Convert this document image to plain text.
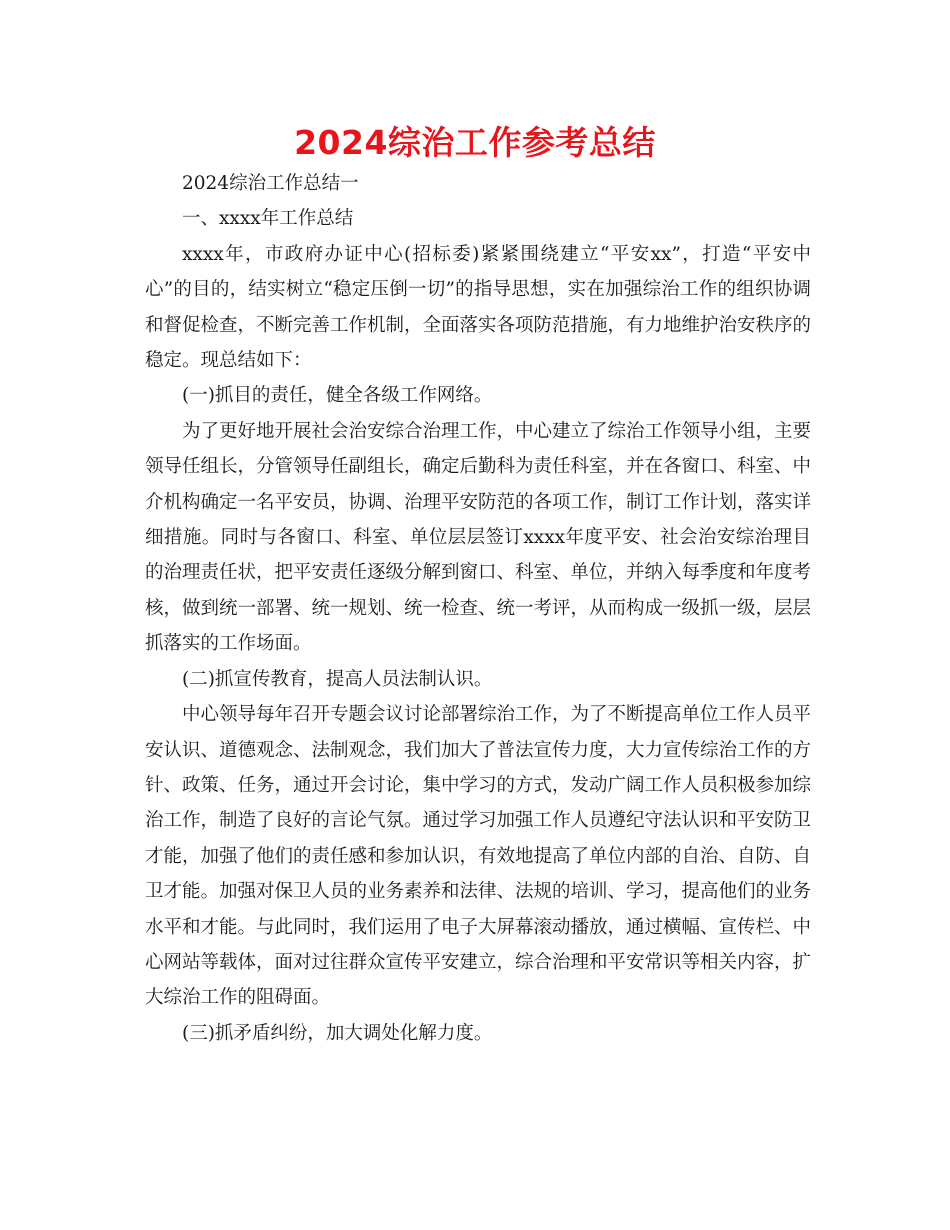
2024综治工作参考总结

2024综治工作总结一

一、xxxx年工作总结

xxxx年，市政府办证中心(招标委)紧紧围绕建立“平安xx”，打造“平安中心”的目的，结实树立“稳定压倒一切”的指导思想，实在加强综治工作的组织协调和督促检查，不断完善工作机制，全面落实各项防范措施，有力地维护治安秩序的稳定。现总结如下：

(一)抓目的责任，健全各级工作网络。

为了更好地开展社会治安综合治理工作，中心建立了综治工作领导小组，主要领导任组长，分管领导任副组长，确定后勤科为责任科室，并在各窗口、科室、中介机构确定一名平安员，协调、治理平安防范的各项工作，制订工作计划，落实详细措施。同时与各窗口、科室、单位层层签订xxxx年度平安、社会治安综治理目的治理责任状，把平安责任逐级分解到窗口、科室、单位，并纳入每季度和年度考核，做到统一部署、统一规划、统一检查、统一考评，从而构成一级抓一级，层层抓落实的工作场面。

(二)抓宣传教育，提高人员法制认识。

中心领导每年召开专题会议讨论部署综治工作，为了不断提高单位工作人员平安认识、道德观念、法制观念，我们加大了普法宣传力度，大力宣传综治工作的方针、政策、任务，通过开会讨论，集中学习的方式，发动广阔工作人员积极参加综治工作，制造了良好的言论气氛。通过学习加强工作人员遵纪守法认识和平安防卫才能，加强了他们的责任感和参加认识，有效地提高了单位内部的自治、自防、自卫才能。加强对保卫人员的业务素养和法律、法规的培训、学习，提高他们的业务水平和才能。与此同时，我们运用了电子大屏幕滚动播放，通过横幅、宣传栏、中心网站等载体，面对过往群众宣传平安建立，综合治理和平安常识等相关内容，扩大综治工作的阻碍面。

(三)抓矛盾纠纷，加大调处化解力度。
